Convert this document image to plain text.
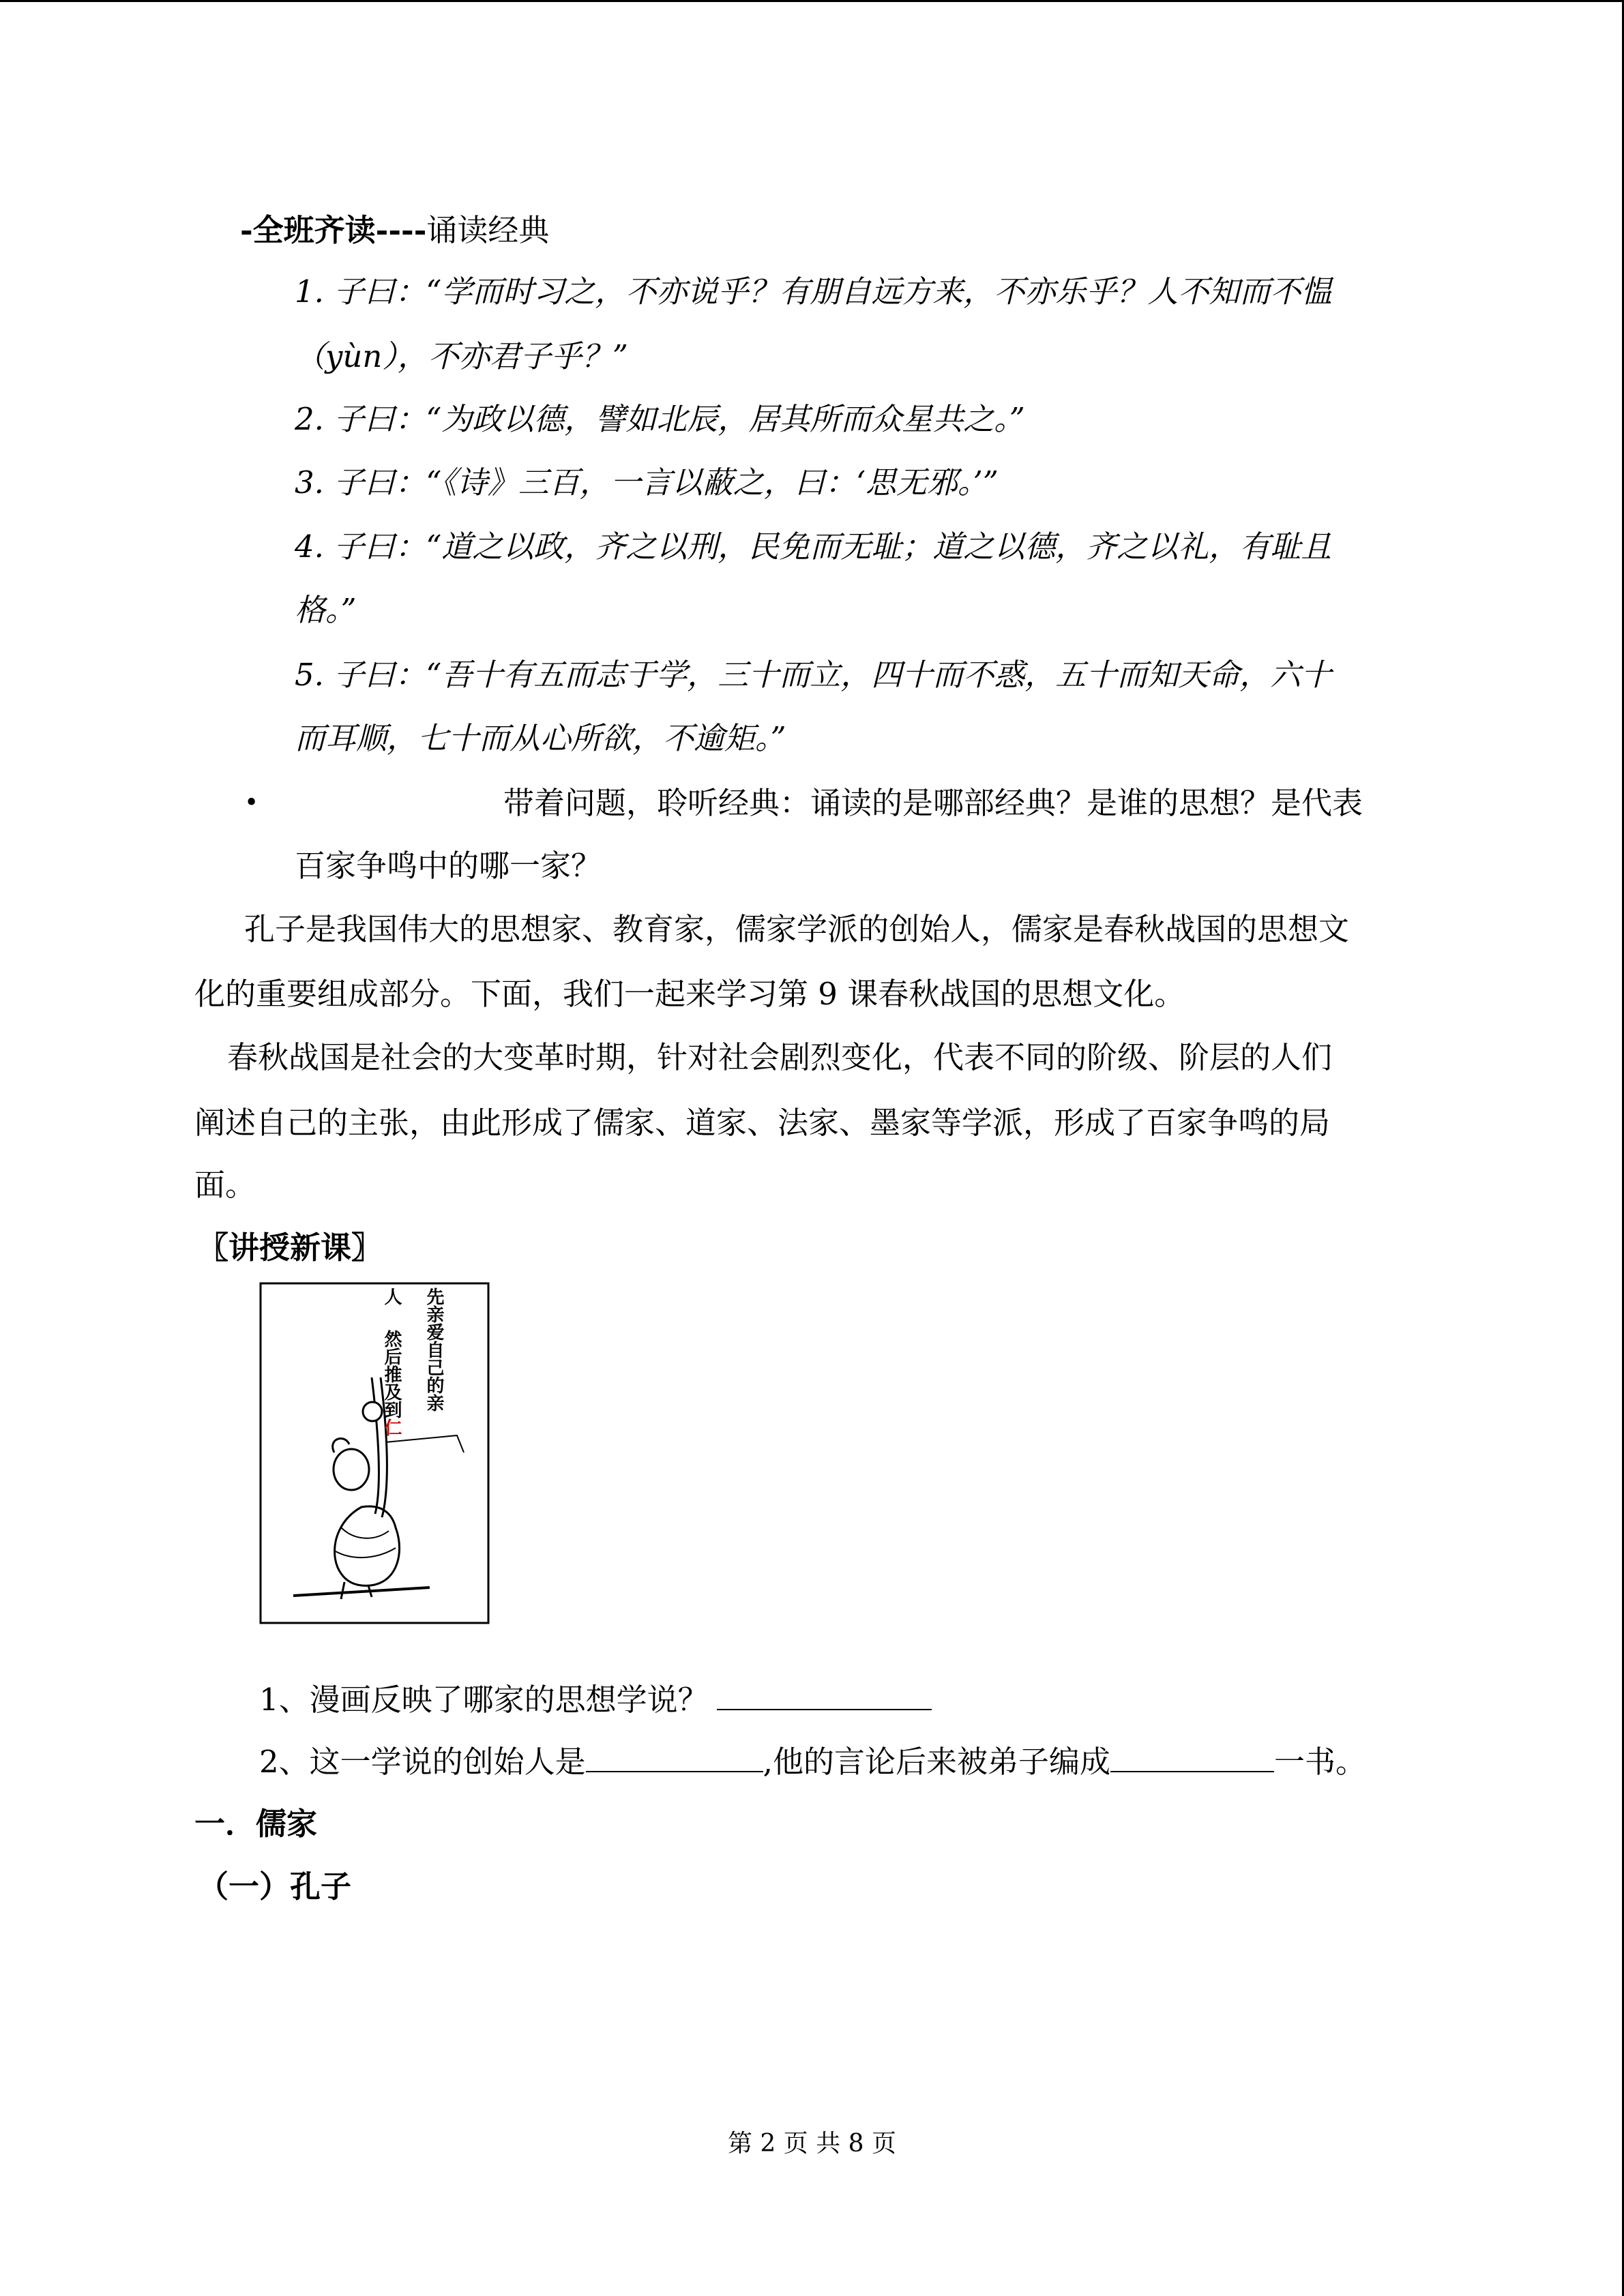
-全班齐读----诵读经典
1. 子曰：“学而时习之，不亦说乎？有朋自远方来，不亦乐乎？人不知而不愠
（yùn），不亦君子乎？”
2. 子曰：“为政以德，譬如北辰，居其所而众星共之。”
3. 子曰：“《诗》三百，一言以蔽之，曰：‘思无邪。’”
4. 子曰：“道之以政，齐之以刑，民免而无耻；道之以德，齐之以礼，有耻且
格。”
5. 子曰：“吾十有五而志于学，三十而立，四十而不惑，五十而知天命，六十
而耳顺，七十而从心所欲，不逾矩。”
•	带着问题，聆听经典：诵读的是哪部经典？是谁的思想？是代表
百家争鸣中的哪一家？
孔子是我国伟大的思想家、教育家，儒家学派的创始人，儒家是春秋战国的思想文
化的重要组成部分。下面，我们一起来学习第 9 课春秋战国的思想文化。
春秋战国是社会的大变革时期，针对社会剧烈变化，代表不同的阶级、阶层的人们
阐述自己的主张，由此形成了儒家、道家、法家、墨家等学派，形成了百家争鸣的局
面。
〖讲授新课〗
先亲爱自己的亲
人
然后推及到仁
1、漫画反映了哪家的思想学说？
2、这一学说的创始人是	,他的言论后来被弟子编成	一书。
一．儒家
（一）孔子
第 2 页 共 8 页
